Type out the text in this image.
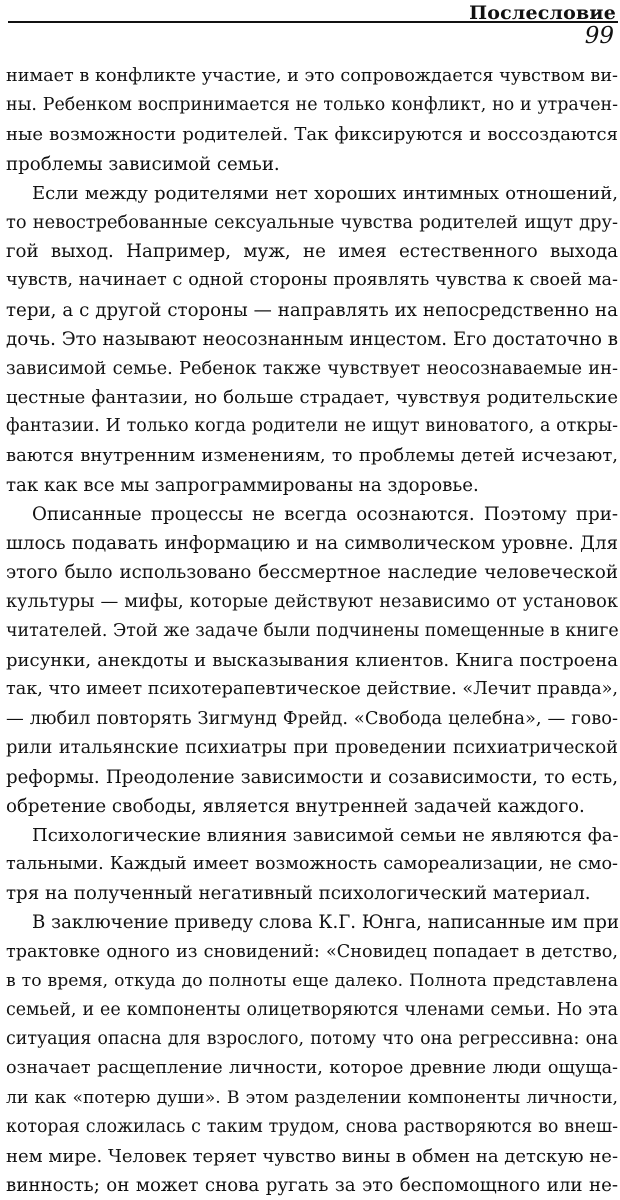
Послесловие
99
нимает в конфликте участие, и это сопровождается чувством ви-
ны. Ребенком воспринимается не только конфликт, но и утрачен-
ные возможности родителей. Так фиксируются и воссоздаются
проблемы зависимой семьи.
Если между родителями нет хороших интимных отношений,
то невостребованные сексуальные чувства родителей ищут дру-
гой выход. Например, муж, не имея естественного выхода
чувств, начинает с одной стороны проявлять чувства к своей ма-
тери, а с другой стороны — направлять их непосредственно на
дочь. Это называют неосознанным инцестом. Его достаточно в
зависимой семье. Ребенок также чувствует неосознаваемые ин-
цестные фантазии, но больше страдает, чувствуя родительские
фантазии. И только когда родители не ищут виноватого, а откры-
ваются внутренним изменениям, то проблемы детей исчезают,
так как все мы запрограммированы на здоровье.
Описанные процессы не всегда осознаются. Поэтому при-
шлось подавать информацию и на символическом уровне. Для
этого было использовано бессмертное наследие человеческой
культуры — мифы, которые действуют независимо от установок
читателей. Этой же задаче были подчинены помещенные в книге
рисунки, анекдоты и высказывания клиентов. Книга построена
так, что имеет психотерапевтическое действие. «Лечит правда»,
— любил повторять Зигмунд Фрейд. «Свобода целебна», — гово-
рили итальянские психиатры при проведении психиатрической
реформы. Преодоление зависимости и созависимости, то есть,
обретение свободы, является внутренней задачей каждого.
Психологические влияния зависимой семьи не являются фа-
тальными. Каждый имеет возможность самореализации, не смо-
тря на полученный негативный психологический материал.
В заключение приведу слова К.Г. Юнга, написанные им при
трактовке одного из сновидений: «Сновидец попадает в детство,
в то время, откуда до полноты еще далеко. Полнота представлена
семьей, и ее компоненты олицетворяются членами семьи. Но эта
ситуация опасна для взрослого, потому что она регрессивна: она
означает расщепление личности, которое древние люди ощуща-
ли как «потерю души». В этом разделении компоненты личности,
которая сложилась с таким трудом, снова растворяются во внеш-
нем мире. Человек теряет чувство вины в обмен на детскую не-
винность; он может снова ругать за это беспомощного или не-
